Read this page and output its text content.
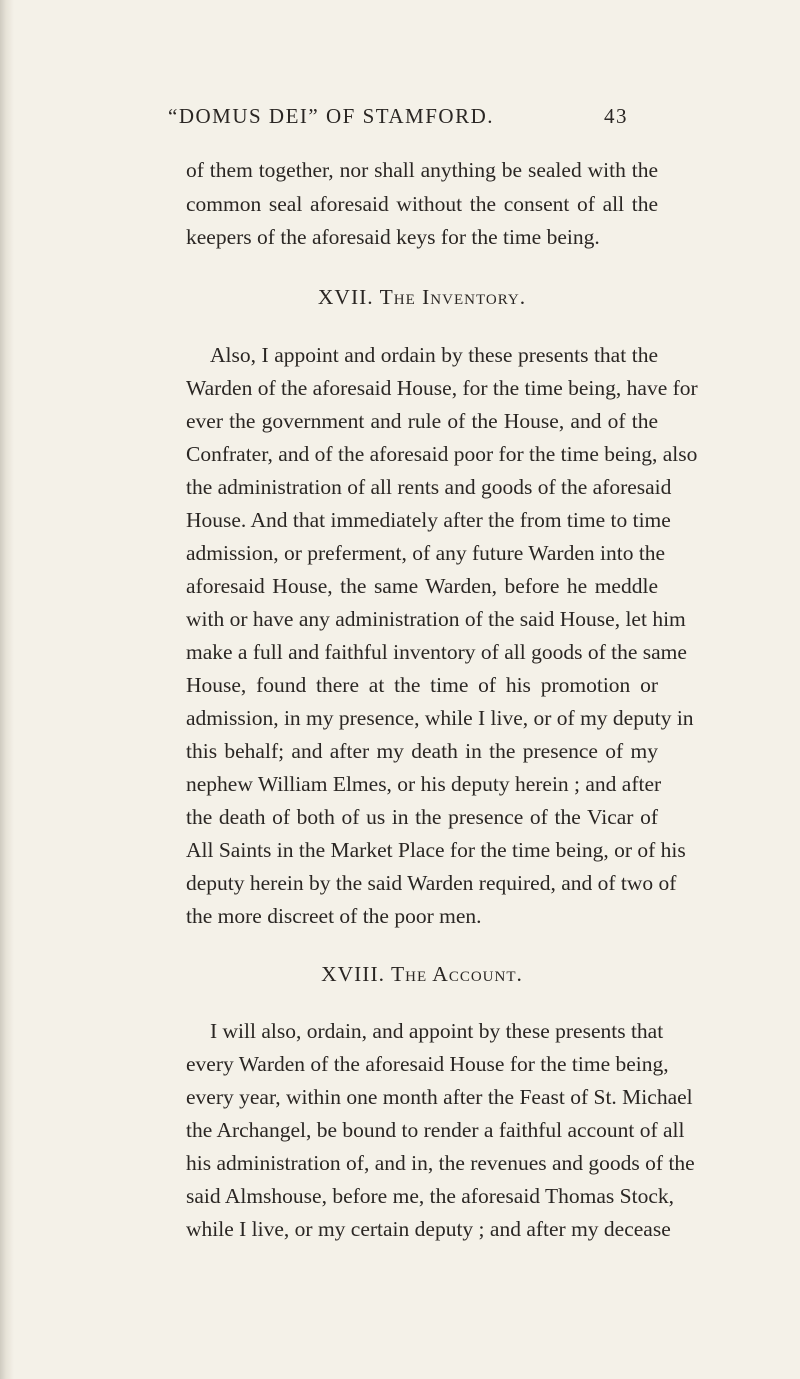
“DOMUS DEI” OF STAMFORD.	43
of them together, nor shall anything be sealed with the
common seal aforesaid without the consent of all the
keepers of the aforesaid keys for the time being.
XVII. The Inventory.
Also, I appoint and ordain by these presents that the
Warden of the aforesaid House, for the time being, have for
ever the government and rule of the House, and of the
Confrater, and of the aforesaid poor for the time being, also
the administration of all rents and goods of the aforesaid
House. And that immediately after the from time to time
admission, or preferment, of any future Warden into the
aforesaid House, the same Warden, before he meddle
with or have any administration of the said House, let him
make a full and faithful inventory of all goods of the same
House, found there at the time of his promotion or
admission, in my presence, while I live, or of my deputy in
this behalf; and after my death in the presence of my
nephew William Elmes, or his deputy herein ; and after
the death of both of us in the presence of the Vicar of
All Saints in the Market Place for the time being, or of his
deputy herein by the said Warden required, and of two of
the more discreet of the poor men.
XVIII. The Account.
I will also, ordain, and appoint by these presents that
every Warden of the aforesaid House for the time being,
every year, within one month after the Feast of St. Michael
the Archangel, be bound to render a faithful account of all
his administration of, and in, the revenues and goods of the
said Almshouse, before me, the aforesaid Thomas Stock,
while I live, or my certain deputy ; and after my decease
